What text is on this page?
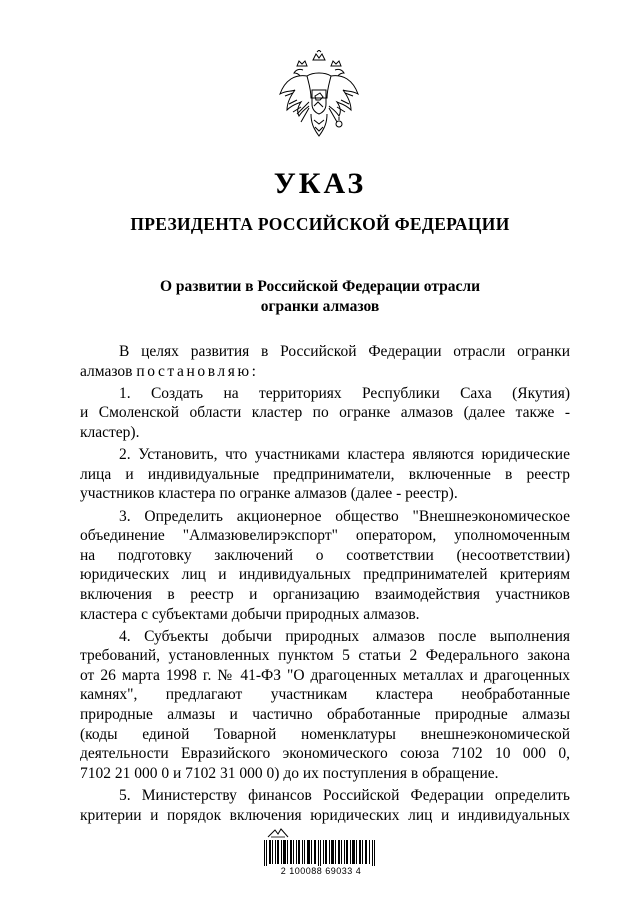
УКАЗ
ПРЕЗИДЕНТА РОССИЙСКОЙ ФЕДЕРАЦИИ
О развитии в Российской Федерации отрасли
огранки алмазов
В целях развития в Российской Федерации отрасли огранки
алмазов постановляю:
1. Создать на территориях Республики Саха (Якутия)
и Смоленской области кластер по огранке алмазов (далее также -
кластер).
2. Установить, что участниками кластера являются юридические
лица и индивидуальные предприниматели, включенные в реестр
участников кластера по огранке алмазов (далее - реестр).
3. Определить акционерное общество "Внешнеэкономическое
объединение "Алмазювелирэкспорт" оператором, уполномоченным
на подготовку заключений о соответствии (несоответствии)
юридических лиц и индивидуальных предпринимателей критериям
включения в реестр и организацию взаимодействия участников
кластера с субъектами добычи природных алмазов.
4. Субъекты добычи природных алмазов после выполнения
требований, установленных пунктом 5 статьи 2 Федерального закона
от 26 марта 1998 г. № 41-ФЗ "О драгоценных металлах и драгоценных
камнях", предлагают участникам кластера необработанные
природные алмазы и частично обработанные природные алмазы
(коды единой Товарной номенклатуры внешнеэкономической
деятельности Евразийского экономического союза 7102 10 000 0,
7102 21 000 0 и 7102 31 000 0) до их поступления в обращение.
5. Министерству финансов Российской Федерации определить
критерии и порядок включения юридических лиц и индивидуальных
2 100088 69033 4
